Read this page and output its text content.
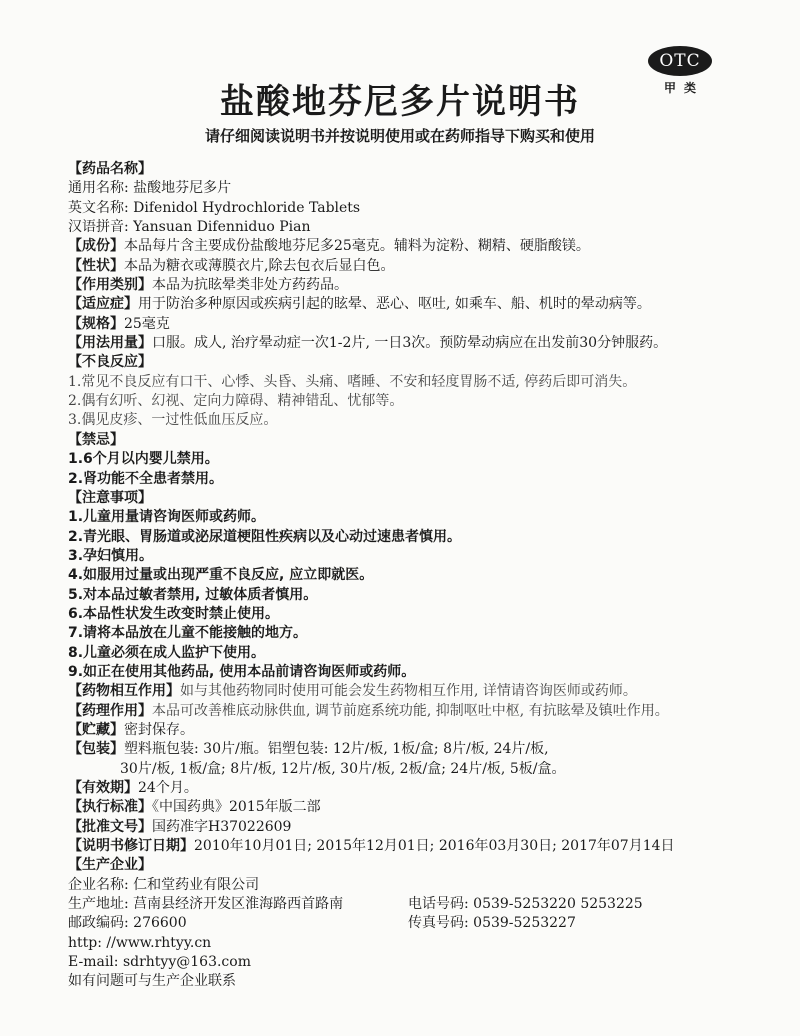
OTC
甲类
盐酸地芬尼多片说明书
请仔细阅读说明书并按说明使用或在药师指导下购买和使用
【药品名称】
通用名称: 盐酸地芬尼多片
英文名称: Difenidol Hydrochloride Tablets
汉语拼音: Yansuan Difenniduo Pian
【成份】本品每片含主要成份盐酸地芬尼多25毫克。辅料为淀粉、糊精、硬脂酸镁。
【性状】本品为糖衣或薄膜衣片,除去包衣后显白色。
【作用类别】本品为抗眩晕类非处方药药品。
【适应症】用于防治多种原因或疾病引起的眩晕、恶心、呕吐, 如乘车、船、机时的晕动病等。
【规格】25毫克
【用法用量】口服。成人, 治疗晕动症一次1-2片, 一日3次。预防晕动病应在出发前30分钟服药。
【不良反应】
1.常见不良反应有口干、心悸、头昏、头痛、嗜睡、不安和轻度胃肠不适, 停药后即可消失。
2.偶有幻听、幻视、定向力障碍、精神错乱、忧郁等。
3.偶见皮疹、一过性低血压反应。
【禁忌】
1.6个月以内婴儿禁用。
2.肾功能不全患者禁用。
【注意事项】
1.儿童用量请咨询医师或药师。
2.青光眼、胃肠道或泌尿道梗阻性疾病以及心动过速患者慎用。
3.孕妇慎用。
4.如服用过量或出现严重不良反应, 应立即就医。
5.对本品过敏者禁用, 过敏体质者慎用。
6.本品性状发生改变时禁止使用。
7.请将本品放在儿童不能接触的地方。
8.儿童必须在成人监护下使用。
9.如正在使用其他药品, 使用本品前请咨询医师或药师。
【药物相互作用】如与其他药物同时使用可能会发生药物相互作用, 详情请咨询医师或药师。
【药理作用】本品可改善椎底动脉供血, 调节前庭系统功能, 抑制呕吐中枢, 有抗眩晕及镇吐作用。
【贮藏】密封保存。
【包装】塑料瓶包装: 30片/瓶。铝塑包装: 12片/板, 1板/盒; 8片/板, 24片/板,
30片/板, 1板/盒; 8片/板, 12片/板, 30片/板, 2板/盒; 24片/板, 5板/盒。
【有效期】24个月。
【执行标准】《中国药典》2015年版二部
【批准文号】国药准字H37022609
【说明书修订日期】2010年10月01日; 2015年12月01日; 2016年03月30日; 2017年07月14日
【生产企业】
企业名称: 仁和堂药业有限公司
生产地址: 莒南县经济开发区淮海路西首路南	电话号码: 0539-5253220 5253225
邮政编码: 276600	传真号码: 0539-5253227
http: //www.rhtyy.cn
E-mail: sdrhtyy@163.com
如有问题可与生产企业联系
